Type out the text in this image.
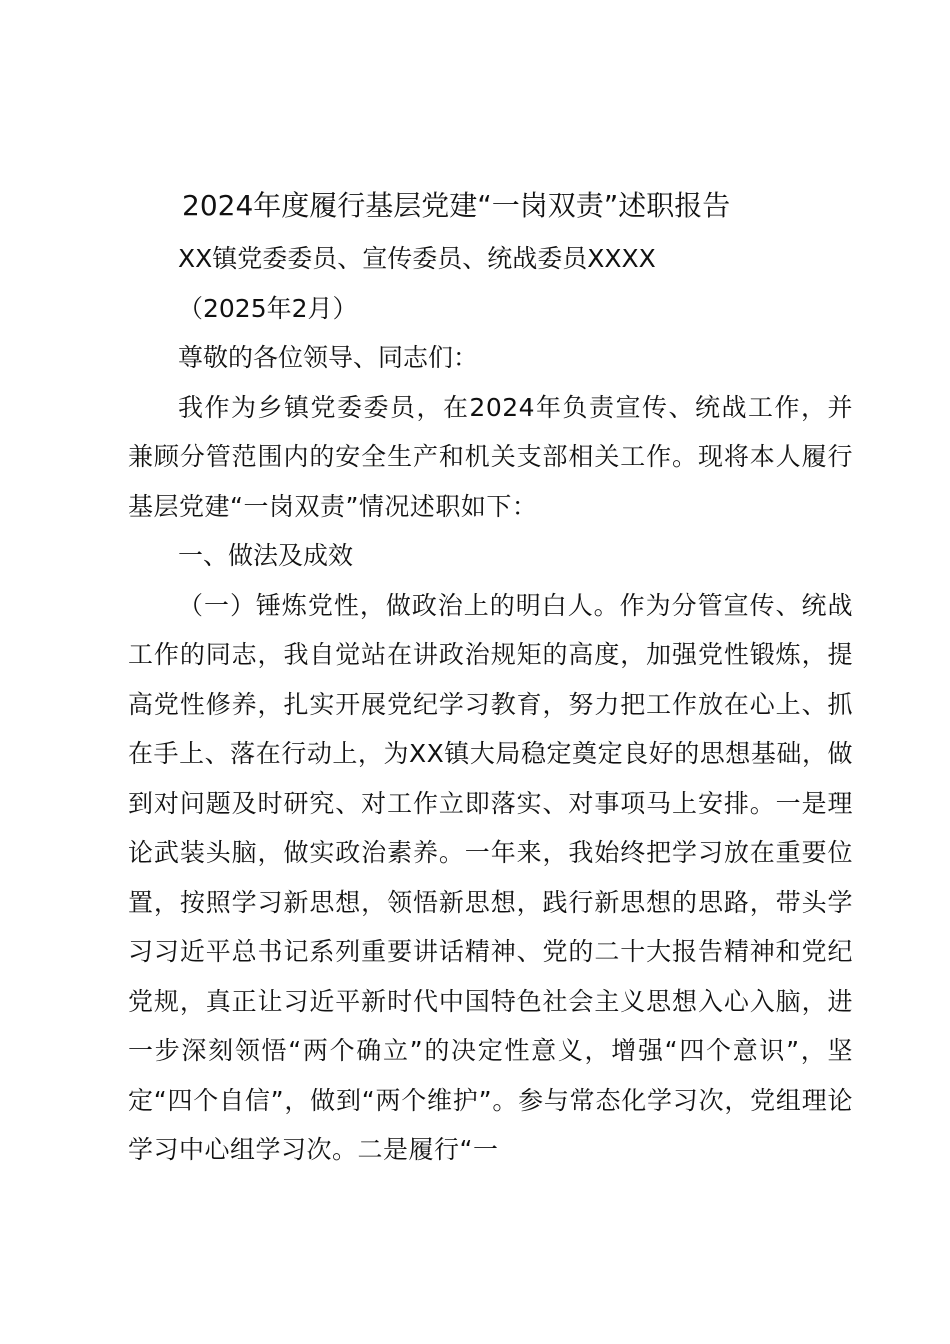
2024年度履行基层党建“一岗双责”述职报告

XX镇党委委员、宣传委员、统战委员XXXX

（2025年2月）

尊敬的各位领导、同志们：

我作为乡镇党委委员，在2024年负责宣传、统战工作，并兼顾分管范围内的安全生产和机关支部相关工作。现将本人履行基层党建“一岗双责”情况述职如下：

一、做法及成效

（一）锤炼党性，做政治上的明白人。作为分管宣传、统战工作的同志，我自觉站在讲政治规矩的高度，加强党性锻炼，提高党性修养，扎实开展党纪学习教育，努力把工作放在心上、抓在手上、落在行动上，为XX镇大局稳定奠定良好的思想基础，做到对问题及时研究、对工作立即落实、对事项马上安排。一是理论武装头脑，做实政治素养。一年来，我始终把学习放在重要位置，按照学习新思想，领悟新思想，践行新思想的思路，带头学习习近平总书记系列重要讲话精神、党的二十大报告精神和党纪党规，真正让习近平新时代中国特色社会主义思想入心入脑，进一步深刻领悟“两个确立”的决定性意义，增强“四个意识”，坚定“四个自信”，做到“两个维护”。参与常态化学习次，党组理论学习中心组学习次。二是履行“一
